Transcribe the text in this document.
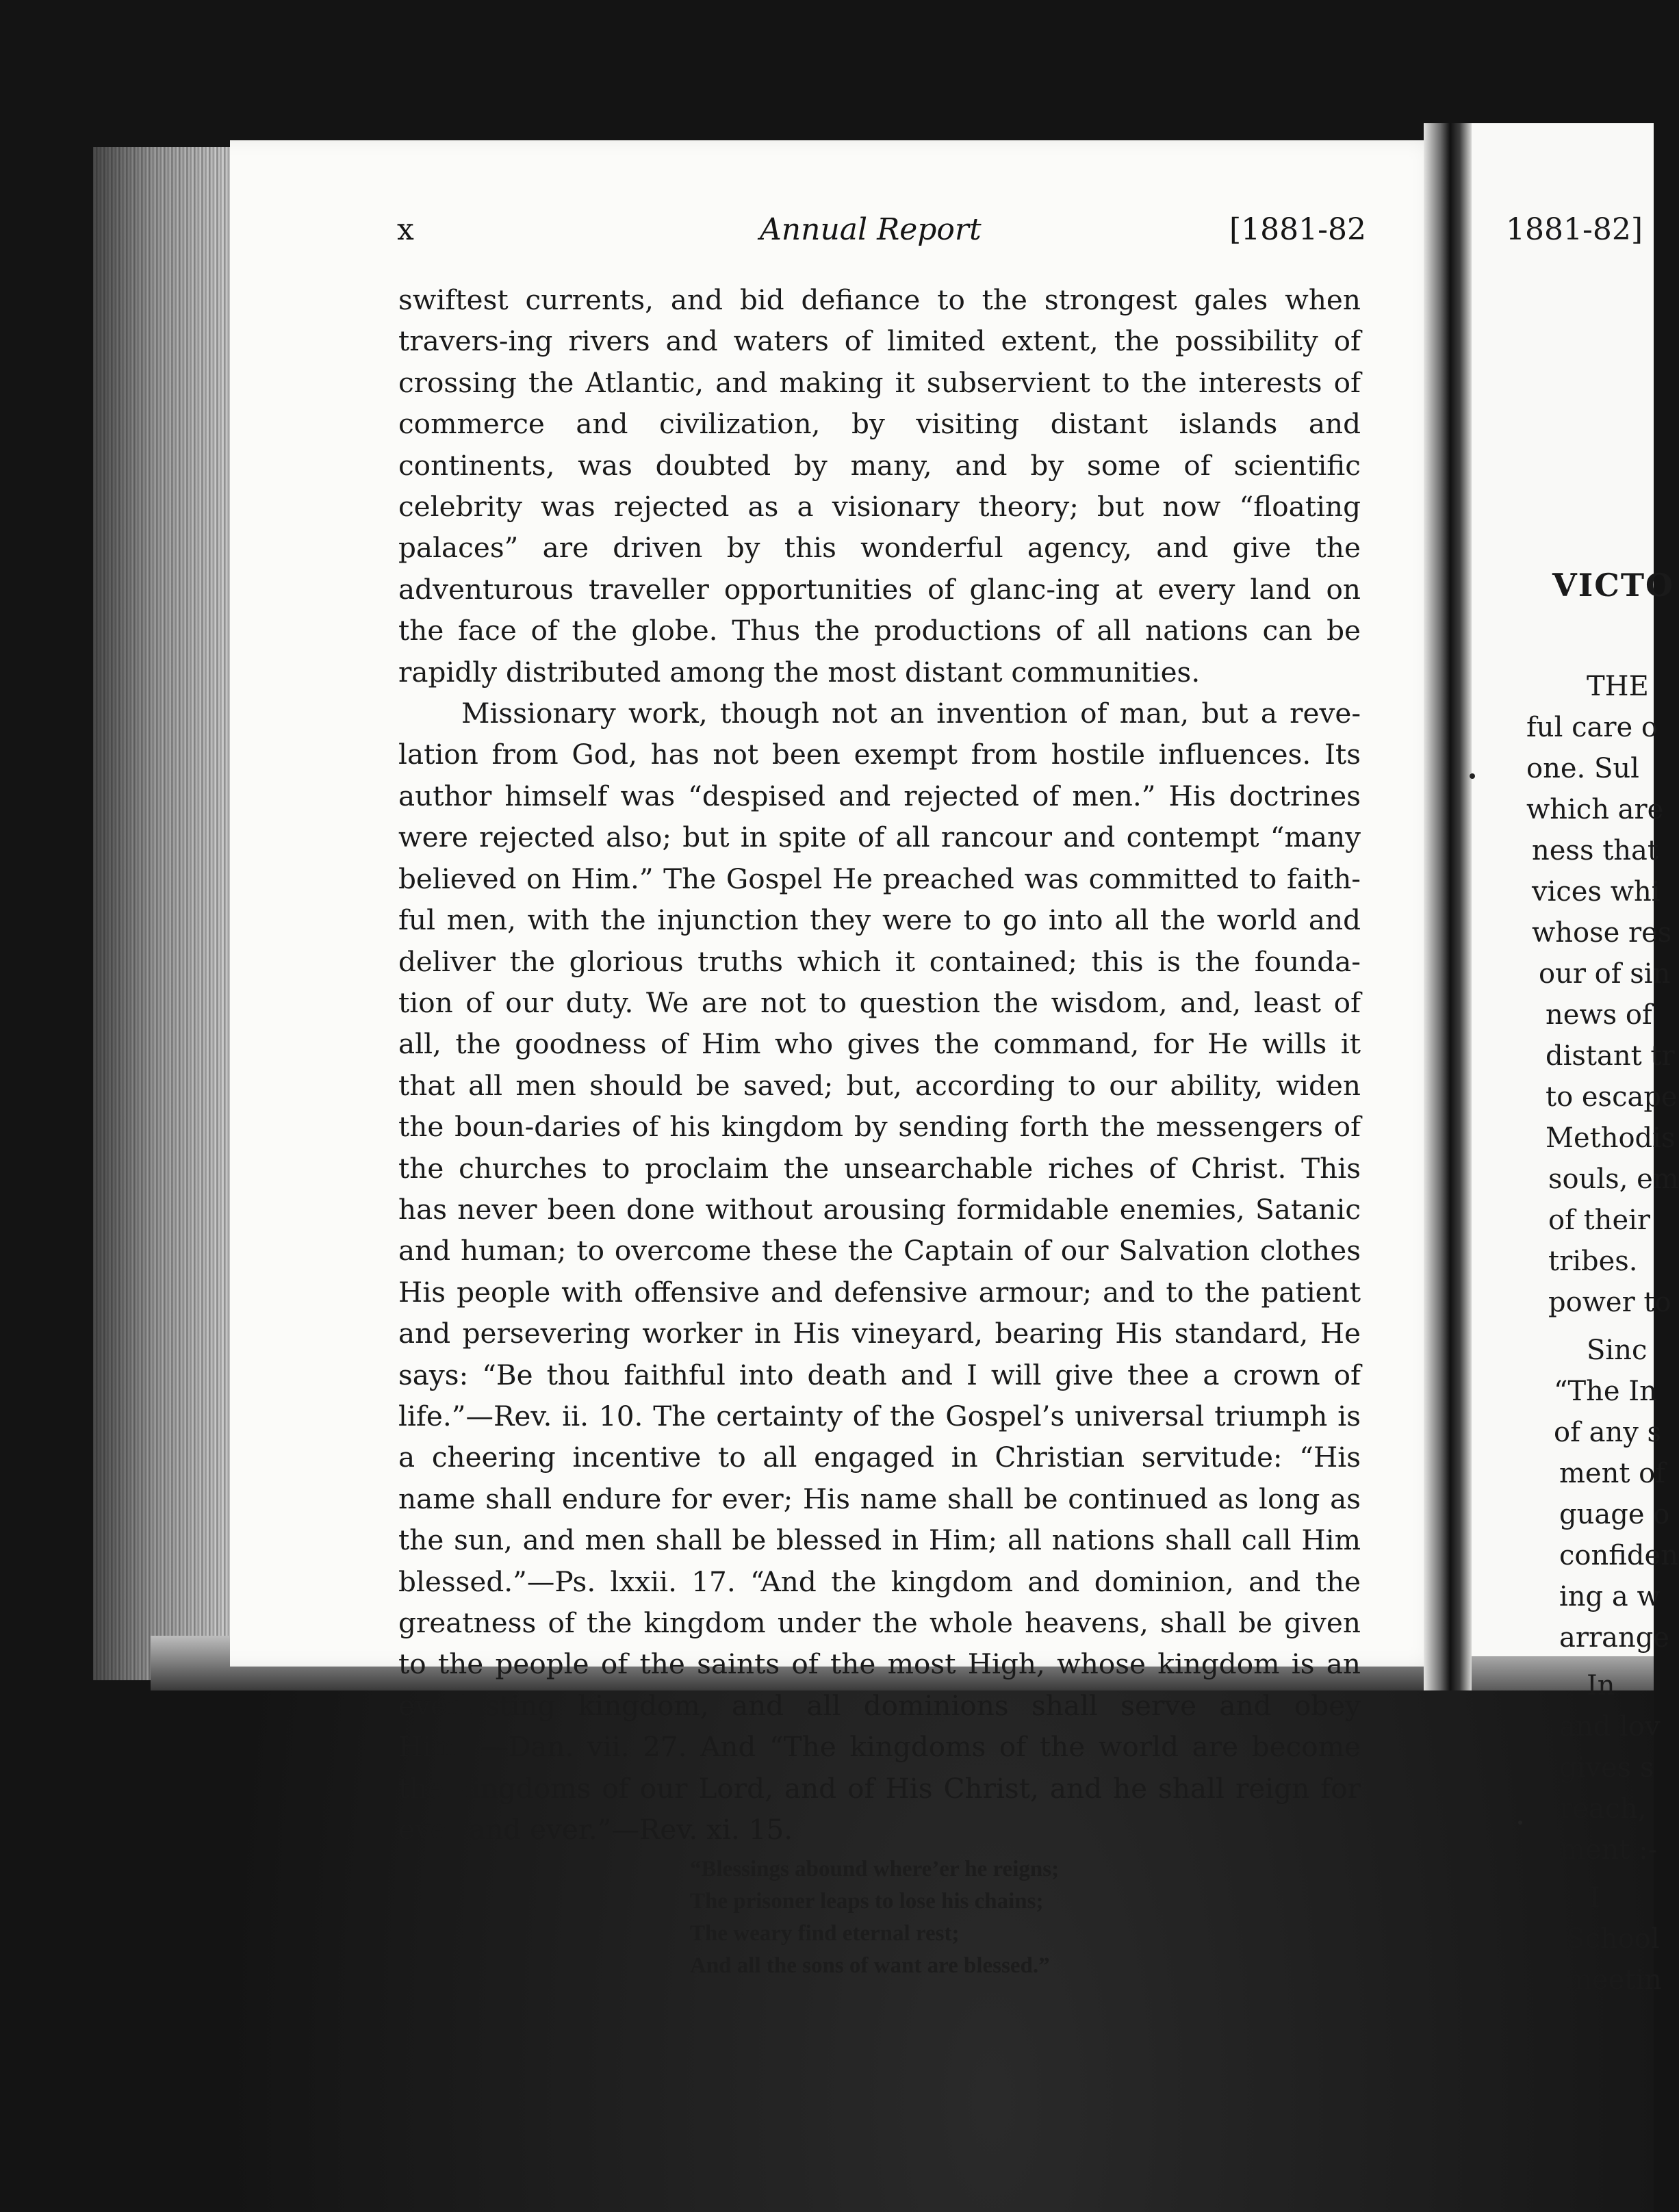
x	Annual Report	[1881-82

swiftest currents, and bid defiance to the strongest gales when travers-ing rivers and waters of limited extent, the possibility of crossing the Atlantic, and making it subservient to the interests of commerce and civilization, by visiting distant islands and continents, was doubted by many, and by some of scientific celebrity was rejected as a visionary theory; but now “floating palaces” are driven by this wonderful agency, and give the adventurous traveller opportunities of glanc-ing at every land on the face of the globe. Thus the productions of all nations can be rapidly distributed among the most distant communities.

Missionary work, though not an invention of man, but a reve-lation from God, has not been exempt from hostile influences. Its author himself was “despised and rejected of men.” His doctrines were rejected also; but in spite of all rancour and contempt “many believed on Him.” The Gospel He preached was committed to faith-ful men, with the injunction they were to go into all the world and deliver the glorious truths which it contained; this is the founda-tion of our duty. We are not to question the wisdom, and, least of all, the goodness of Him who gives the command, for He wills it that all men should be saved; but, according to our ability, widen the boun-daries of his kingdom by sending forth the messengers of the churches to proclaim the unsearchable riches of Christ. This has never been done without arousing formidable enemies, Satanic and human; to overcome these the Captain of our Salvation clothes His people with offensive and defensive armour; and to the patient and persevering worker in His vineyard, bearing His standard, He says: “Be thou faithful into death and I will give thee a crown of life.”—Rev. ii. 10. The certainty of the Gospel’s universal triumph is a cheering incentive to all engaged in Christian servitude: “His name shall endure for ever; His name shall be continued as long as the sun, and men shall be blessed in Him; all nations shall call Him blessed.”—Ps. lxxii. 17. “And the kingdom and dominion, and the greatness of the kingdom under the whole heavens, shall be given to the people of the saints of the most High, whose kingdom is an everlasting kingdom, and all dominions shall serve and obey Him.”—Dan. vii. 27. And “The kingdoms of the world are become the kingdoms of our Lord, and of His Christ, and he shall reign for ever and ever.”—Rev. xi. 15.

“Blessings abound where’er he reigns;
The prisoner leaps to lose his chains;
The weary find eternal rest;
And all the sons of want are blessed.”
1881-82]
VICTO
THE
ful care o
one. Sul
which are
ness that
vices whi
whose res
our of sin
news of
distant tr
to escape
Methodis
souls, em
of their
tribes.
power to
Sinc
“The In
of any s
ment of
guage o
confiden
ing a w
arrange
In
and lov
gives s
reach,
ment :-
I
School
meetin
